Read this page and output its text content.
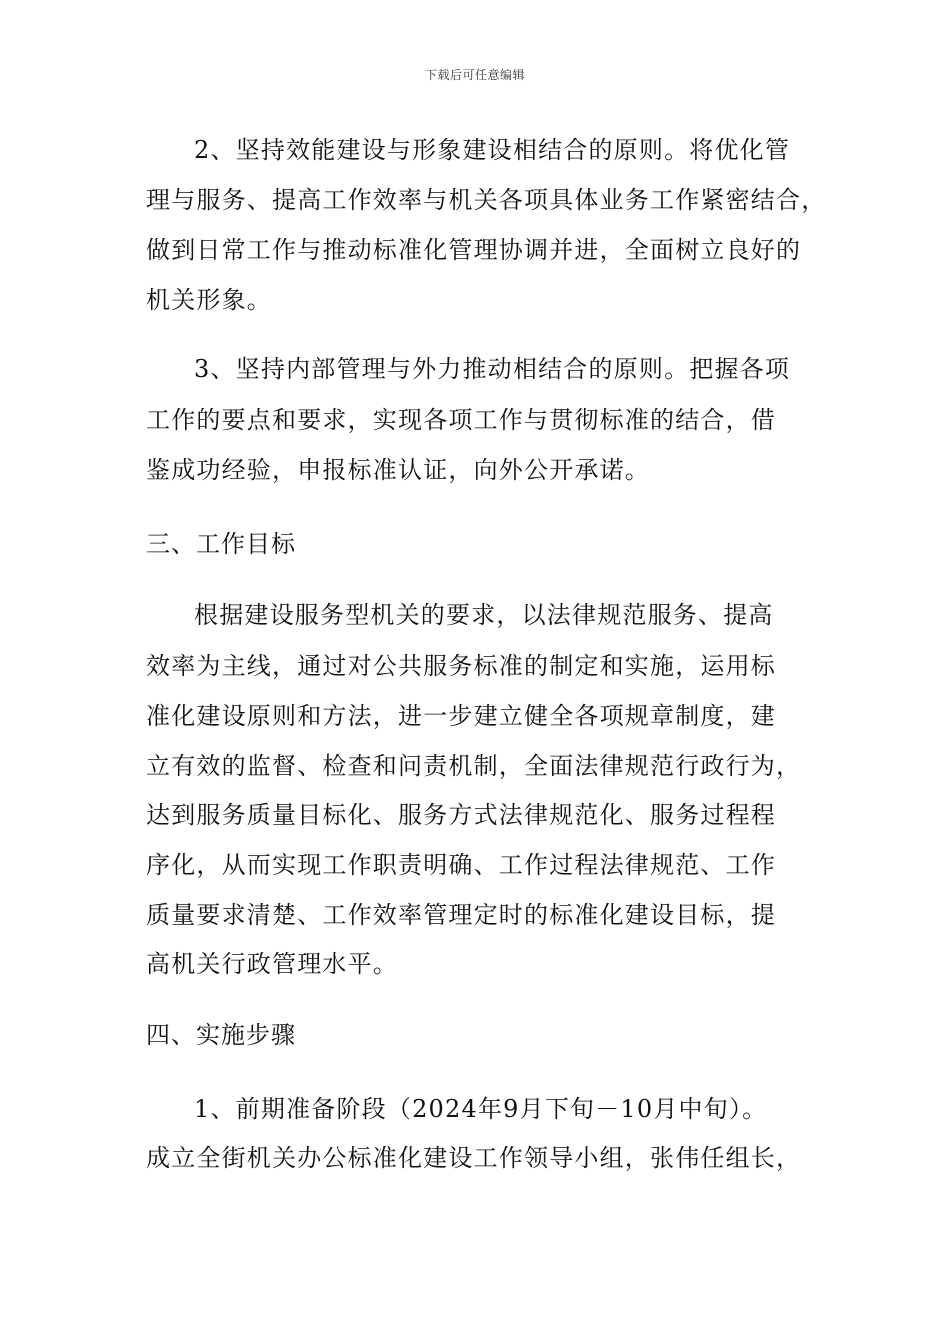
下载后可任意编辑
2、坚持效能建设与形象建设相结合的原则。将优化管
理与服务、提高工作效率与机关各项具体业务工作紧密结合，
做到日常工作与推动标准化管理协调并进，全面树立良好的
机关形象。
3、坚持内部管理与外力推动相结合的原则。把握各项
工作的要点和要求，实现各项工作与贯彻标准的结合，借
鉴成功经验，申报标准认证，向外公开承诺。
三、工作目标
根据建设服务型机关的要求，以法律规范服务、提高
效率为主线，通过对公共服务标准的制定和实施，运用标
准化建设原则和方法，进一步建立健全各项规章制度，建
立有效的监督、检查和问责机制，全面法律规范行政行为，
达到服务质量目标化、服务方式法律规范化、服务过程程
序化，从而实现工作职责明确、工作过程法律规范、工作
质量要求清楚、工作效率管理定时的标准化建设目标，提
高机关行政管理水平。
四、实施步骤
1、前期准备阶段（2024年9月下旬－10月中旬）。
成立全街机关办公标准化建设工作领导小组，张伟任组长，
